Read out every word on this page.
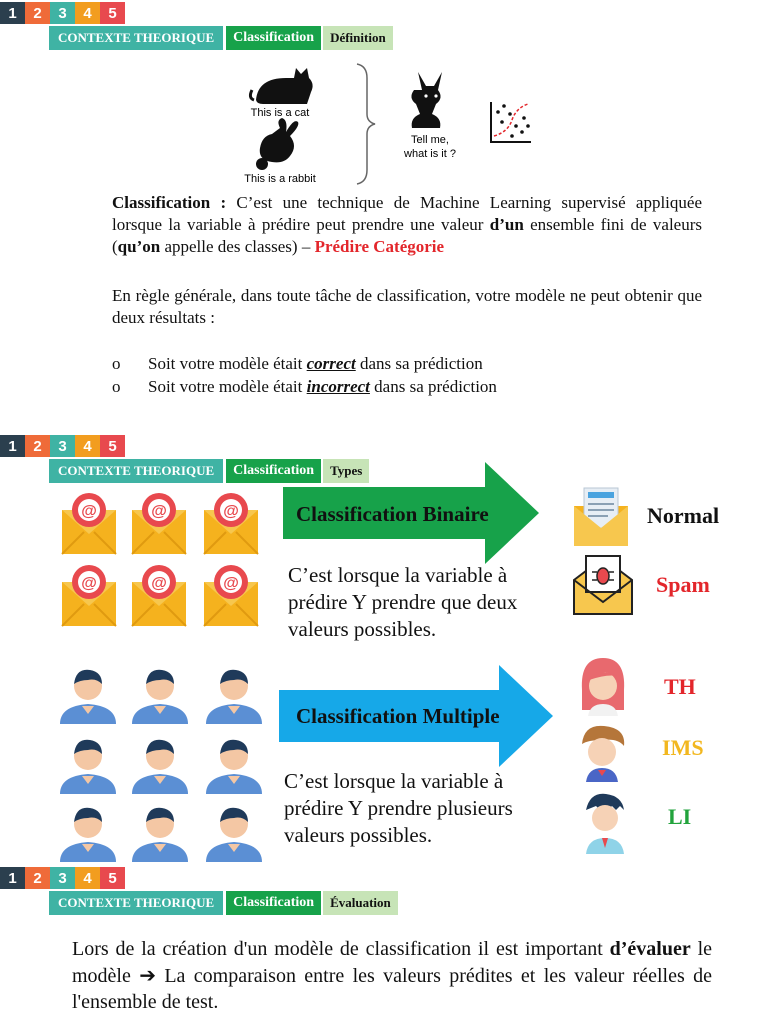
1	2	3	4	5
CONTEXTE THEORIQUE	Classification	Définition
This is a cat
This is a rabbit
Tell me,
what is it ?
Classification : C’est une technique de Machine Learning supervisé appliquée lorsque la variable à prédire peut prendre une valeur d’un ensemble fini de valeurs (qu’on appelle des classes) – Prédire Catégorie
En règle générale, dans toute tâche de classification, votre modèle ne peut obtenir que deux résultats :
o	Soit votre modèle était correct dans sa prédiction
o	Soit votre modèle était incorrect dans sa prédiction
1	2	3	4	5
CONTEXTE THEORIQUE	Classification	Types
Classification Binaire
C’est lorsque la variable à
prédire Y prendre que deux
valeurs possibles.
Normal
Spam
Classification Multiple
C’est lorsque la variable à
prédire Y prendre plusieurs
valeurs possibles.
TH
IMS
LI
1	2	3	4	5
CONTEXTE THEORIQUE	Classification	Évaluation
Lors de la création d'un modèle de classification il est important d’évaluer le modèle ➔ La comparaison entre les valeurs prédites et les valeur réelles de l'ensemble de test.
